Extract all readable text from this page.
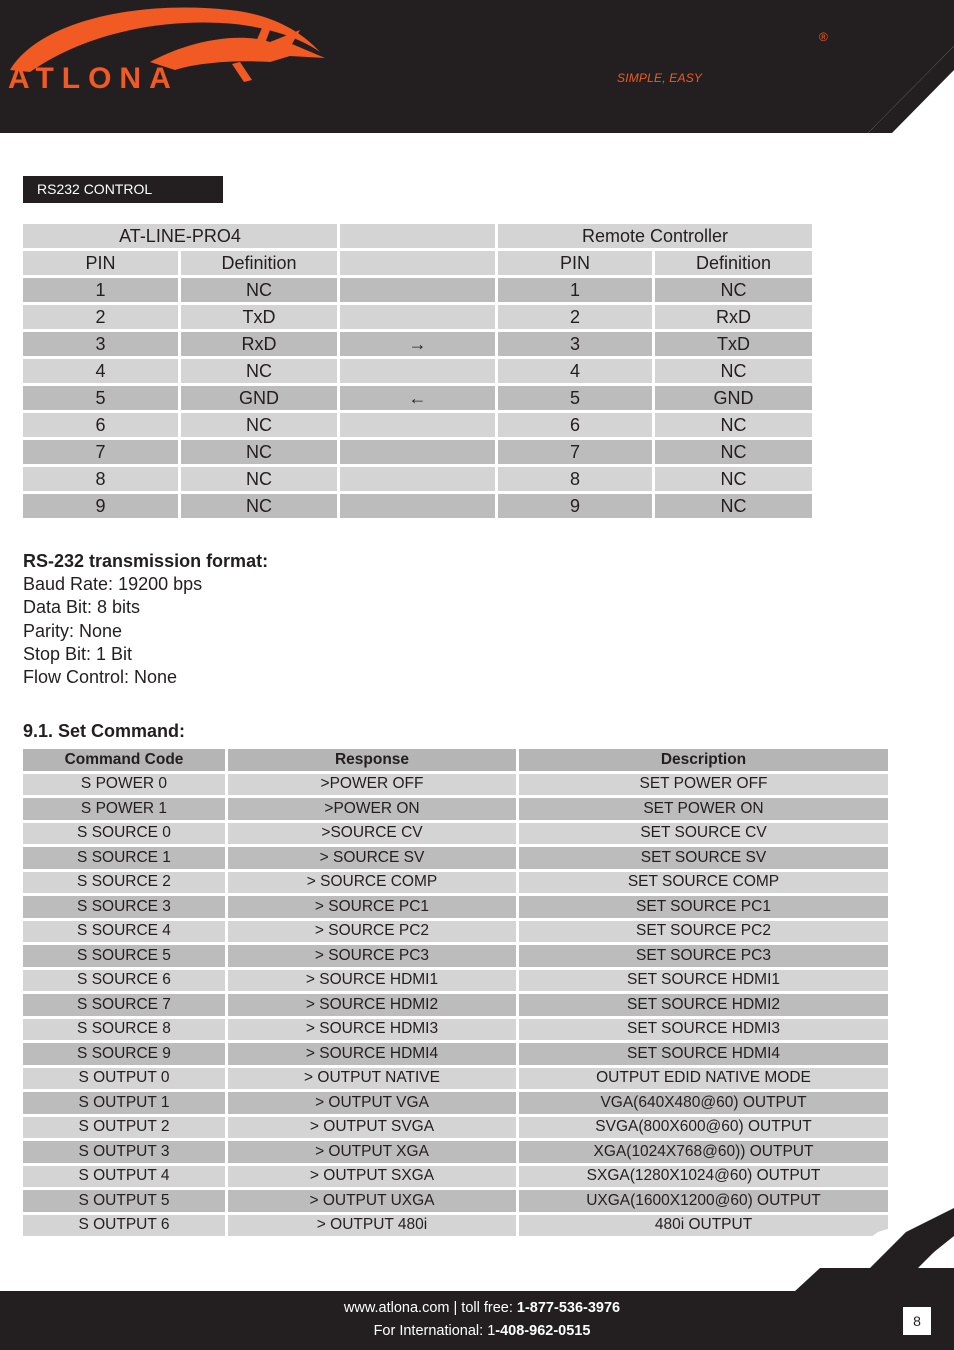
ATLONA	SIMPLE, EASY
®
RS232 CONTROL
AT-LINE-PRO4			Remote Controller	
PIN	Definition		PIN	Definition
1	NC		1	NC
2	TxD		2	RxD
3	RxD	→	3	TxD
4	NC		4	NC
5	GND	←	5	GND
6	NC		6	NC
7	NC		7	NC
8	NC		8	NC
9	NC		9	NC
RS-232 transmission format:
Baud Rate: 19200 bps
Data Bit: 8 bits
Parity: None
Stop Bit: 1 Bit
Flow Control: None
9.1. Set Command:
Command Code	Response	Description
S POWER 0	>POWER OFF	SET POWER OFF
S POWER 1	>POWER ON	SET POWER ON
S SOURCE 0	>SOURCE CV	SET SOURCE CV
S SOURCE 1	> SOURCE SV	SET SOURCE SV
S SOURCE 2	> SOURCE COMP	SET SOURCE COMP
S SOURCE 3	> SOURCE PC1	SET SOURCE PC1
S SOURCE 4	> SOURCE PC2	SET SOURCE PC2
S SOURCE 5	> SOURCE PC3	SET SOURCE PC3
S SOURCE 6	> SOURCE HDMI1	SET SOURCE HDMI1
S SOURCE 7	> SOURCE HDMI2	SET SOURCE HDMI2
S SOURCE 8	> SOURCE HDMI3	SET SOURCE HDMI3
S SOURCE 9	> SOURCE HDMI4	SET SOURCE HDMI4
S OUTPUT 0	> OUTPUT NATIVE	OUTPUT EDID NATIVE MODE
S OUTPUT 1	> OUTPUT VGA	VGA(640X480@60) OUTPUT
S OUTPUT 2	> OUTPUT SVGA	SVGA(800X600@60) OUTPUT
S OUTPUT 3	> OUTPUT XGA	XGA(1024X768@60)) OUTPUT
S OUTPUT 4	> OUTPUT SXGA	SXGA(1280X1024@60) OUTPUT
S OUTPUT 5	> OUTPUT UXGA	UXGA(1600X1200@60) OUTPUT
S OUTPUT 6	> OUTPUT 480i	480i OUTPUT
www.atlona.com | toll free: 1-877-536-3976
For International: 1-408-962-0515
8
